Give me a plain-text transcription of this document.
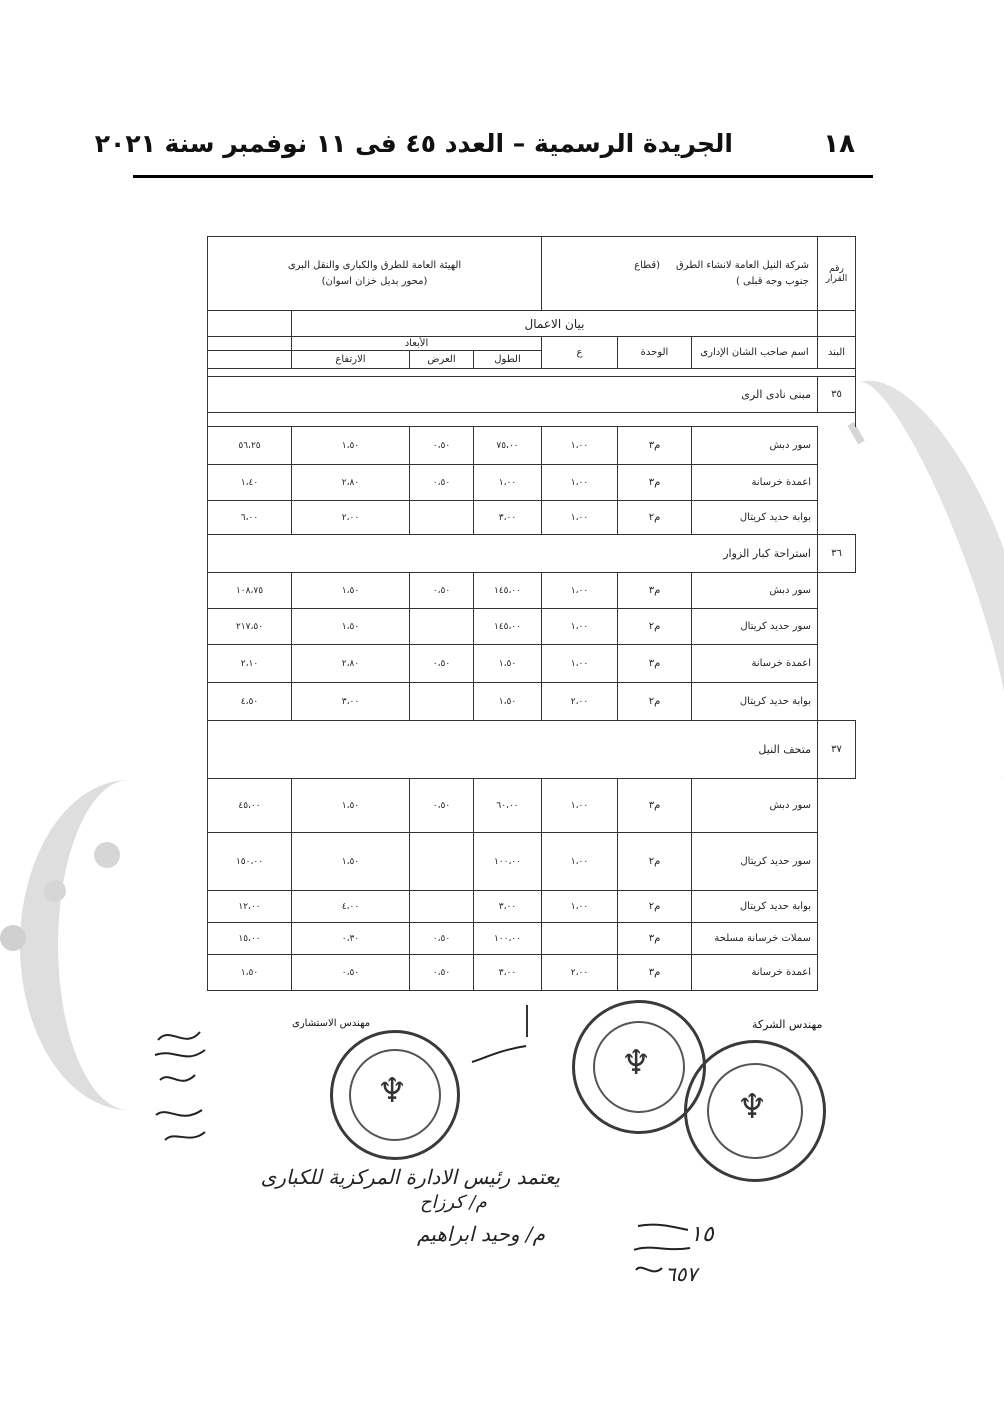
ـ
١٨
الجريدة الرسمية – العدد ٤٥ فى ١١ نوفمبر سنة ٢٠٢١
رقم القرار	شركة النيل العامة لانشاء الطرق     (قطاع
جنوب وجه قبلى )			الهيئة العامة للطرق والكبارى والنقل البرى
(محور بديل خزان اسوان)			
	بيان الاعمال						
البند	اسم صاحب الشان الإدارى	الوحدة	ع	الأبعاد			
				الطول	العرض	الارتفاع	

٣٥	مبنى نادى الرى						

	سور دبش	م٣	١،٠٠	٧٥،٠٠	٠،٥٠	١،٥٠	٥٦،٢٥
	اعمدة خرسانة	م٣	١،٠٠	١،٠٠	٠،٥٠	٢،٨٠	١،٤٠
	بوابة حديد كريتال	م٢	١،٠٠	٣،٠٠		٢،٠٠	٦،٠٠
٣٦	استراحة كبار الزوار						
	سور دبش	م٣	١،٠٠	١٤٥،٠٠	٠،٥٠	١،٥٠	١٠٨،٧٥
	سور حديد كريتال	م٢	١،٠٠	١٤٥،٠٠		١،٥٠	٢١٧،٥٠
	اعمدة خرسانة	م٣	١،٠٠	١،٥٠	٠،٥٠	٢،٨٠	٢،١٠
	بوابة حديد كريتال	م٢	٢،٠٠	١،٥٠		٣،٠٠	٤،٥٠
٣٧	متحف النيل						
	سور دبش	م٣	١،٠٠	٦٠،٠٠	٠،٥٠	١،٥٠	٤٥،٠٠
	سور حديد كريتال	م٢	١،٠٠	١٠٠،٠٠		١،٥٠	١٥٠،٠٠
	بوابة حديد كريتال	م٢	١،٠٠	٣،٠٠		٤،٠٠	١٢،٠٠
	سملات خرسانة مسلحة	م٣		١٠٠،٠٠	٠،٥٠	٠،٣٠	١٥،٠٠
	اعمدة خرسانة	م٣	٢،٠٠	٣،٠٠	٠،٥٠	٠،٥٠	١،٥٠
مهندس الاستشارى	مهندس الشركة
♆
♆
♆
يعتمد رئيس الادارة المركزية للكبارى
م/ كرزاح
م/ وحيد ابراهيم	١٥
٦٥٧
